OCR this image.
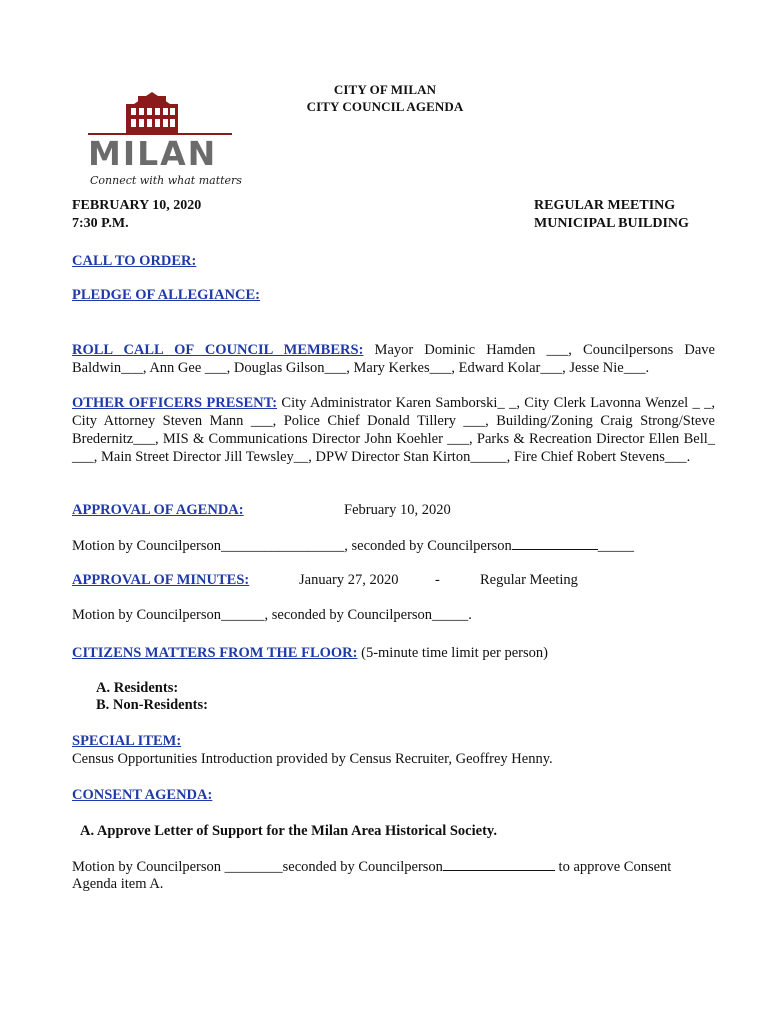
CITY OF MILAN
CITY COUNCIL AGENDA
MILAN
Connect with what matters
FEBRUARY 10, 2020
7:30 P.M.
REGULAR MEETING
MUNICIPAL BUILDING
CALL TO ORDER:
PLEDGE OF ALLEGIANCE:
ROLL CALL OF COUNCIL MEMBERS: Mayor Dominic Hamden ___, Councilpersons Dave Baldwin___, Ann Gee ___, Douglas Gilson___, Mary Kerkes___, Edward Kolar___, Jesse Nie___.
OTHER OFFICERS PRESENT: City Administrator Karen Samborski_ _, City Clerk Lavonna Wenzel _ _, City Attorney Steven Mann ___, Police Chief Donald Tillery ___, Building/Zoning Craig Strong/Steve Bredernitz___, MIS & Communications Director John Koehler ___, Parks & Recreation Director Ellen Bell_ ___, Main Street Director Jill Tewsley__, DPW Director Stan Kirton_____, Fire Chief Robert Stevens___.
APPROVAL OF AGENDA:	February 10, 2020
Motion by Councilperson_________________, seconded by Councilperson	_____
APPROVAL OF MINUTES:	January 27, 2020	-	Regular Meeting
Motion by Councilperson______, seconded by Councilperson_____.
CITIZENS MATTERS FROM THE FLOOR: (5-minute time limit per person)
A. Residents:
B. Non-Residents:
SPECIAL ITEM:
Census Opportunities Introduction provided by Census Recruiter, Geoffrey Henny.
CONSENT AGENDA:
A. Approve Letter of Support for the Milan Area Historical Society.
Motion by Councilperson ________seconded by Councilperson	to approve Consent
Agenda item A.
